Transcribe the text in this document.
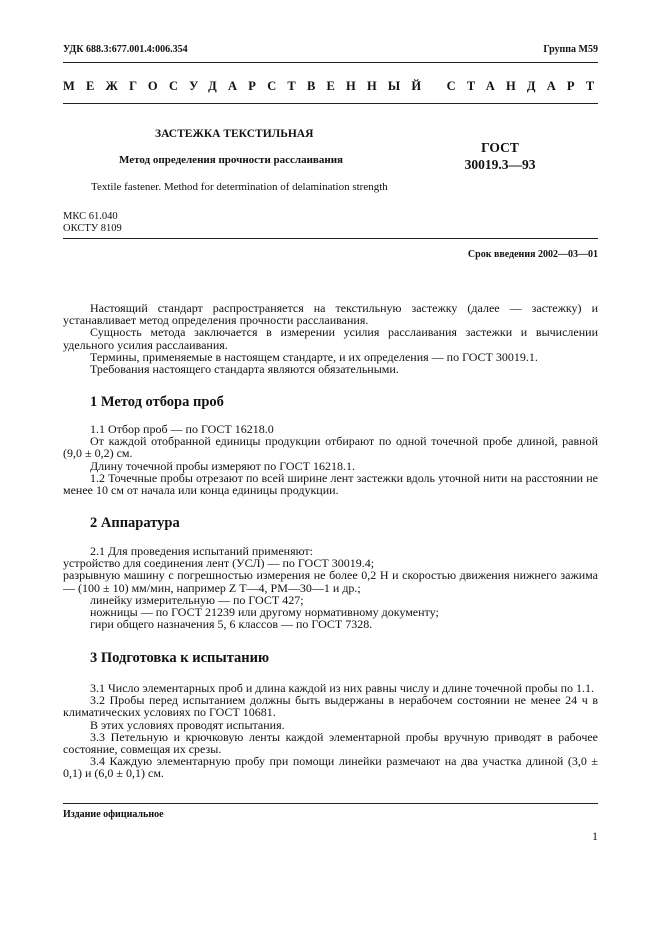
УДК 688.3:677.001.4:006.354	Группа М59
МЕЖГОСУДАРСТВЕННЫЙ СТАНДАРТ
ЗАСТЕЖКА ТЕКСТИЛЬНАЯ
Метод определения прочности расслаивания
ГОСТ
30019.3—93
Textile fastener. Method for determination of delamination strength
МКС 61.040
ОКСТУ 8109
Срок введения 2002—03—01

Настоящий стандарт распространяется на текстильную застежку (далее — застежку) и устанавливает метод определения прочности расслаивания.

Сущность метода заключается в измерении усилия расслаивания застежки и вычислении удельного усилия расслаивания.

Термины, применяемые в настоящем стандарте, и их определения — по ГОСТ 30019.1.

Требования настоящего стандарта являются обязательными.

1 Метод отбора проб

1.1 Отбор проб — по ГОСТ 16218.0

От каждой отобранной единицы продукции отбирают по одной точечной пробе длиной, равной (9,0 ± 0,2) см.

Длину точечной пробы измеряют по ГОСТ 16218.1.

1.2 Точечные пробы отрезают по всей ширине лент застежки вдоль уточной нити на расстоянии не менее 10 см от начала или конца единицы продукции.

2 Аппаратура

2.1 Для проведения испытаний применяют:

устройство для соединения лент (УСЛ) — по ГОСТ 30019.4;

разрывную машину с погрешностью измерения не более 0,2 Н и скоростью движения нижнего зажима — (100 ± 10) мм/мин, например Z Т—4, РМ—30—1 и др.;

линейку измерительную — по ГОСТ 427;

ножницы — по ГОСТ 21239 или другому нормативному документу;

гири общего назначения 5, 6 классов — по ГОСТ 7328.

3 Подготовка к испытанию

3.1 Число элементарных проб и длина каждой из них равны числу и длине точечной пробы по 1.1.

3.2 Пробы перед испытанием должны быть выдержаны в нерабочем состоянии не менее 24 ч в климатических условиях по ГОСТ 10681.

В этих условиях проводят испытания.

3.3 Петельную и крючковую ленты каждой элементарной пробы вручную приводят в рабочее состояние, совмещая их срезы.

3.4 Каждую элементарную пробу при помощи линейки размечают на два участка длиной (3,0 ± 0,1) и (6,0 ± 0,1) см.

Издание официальное
1
